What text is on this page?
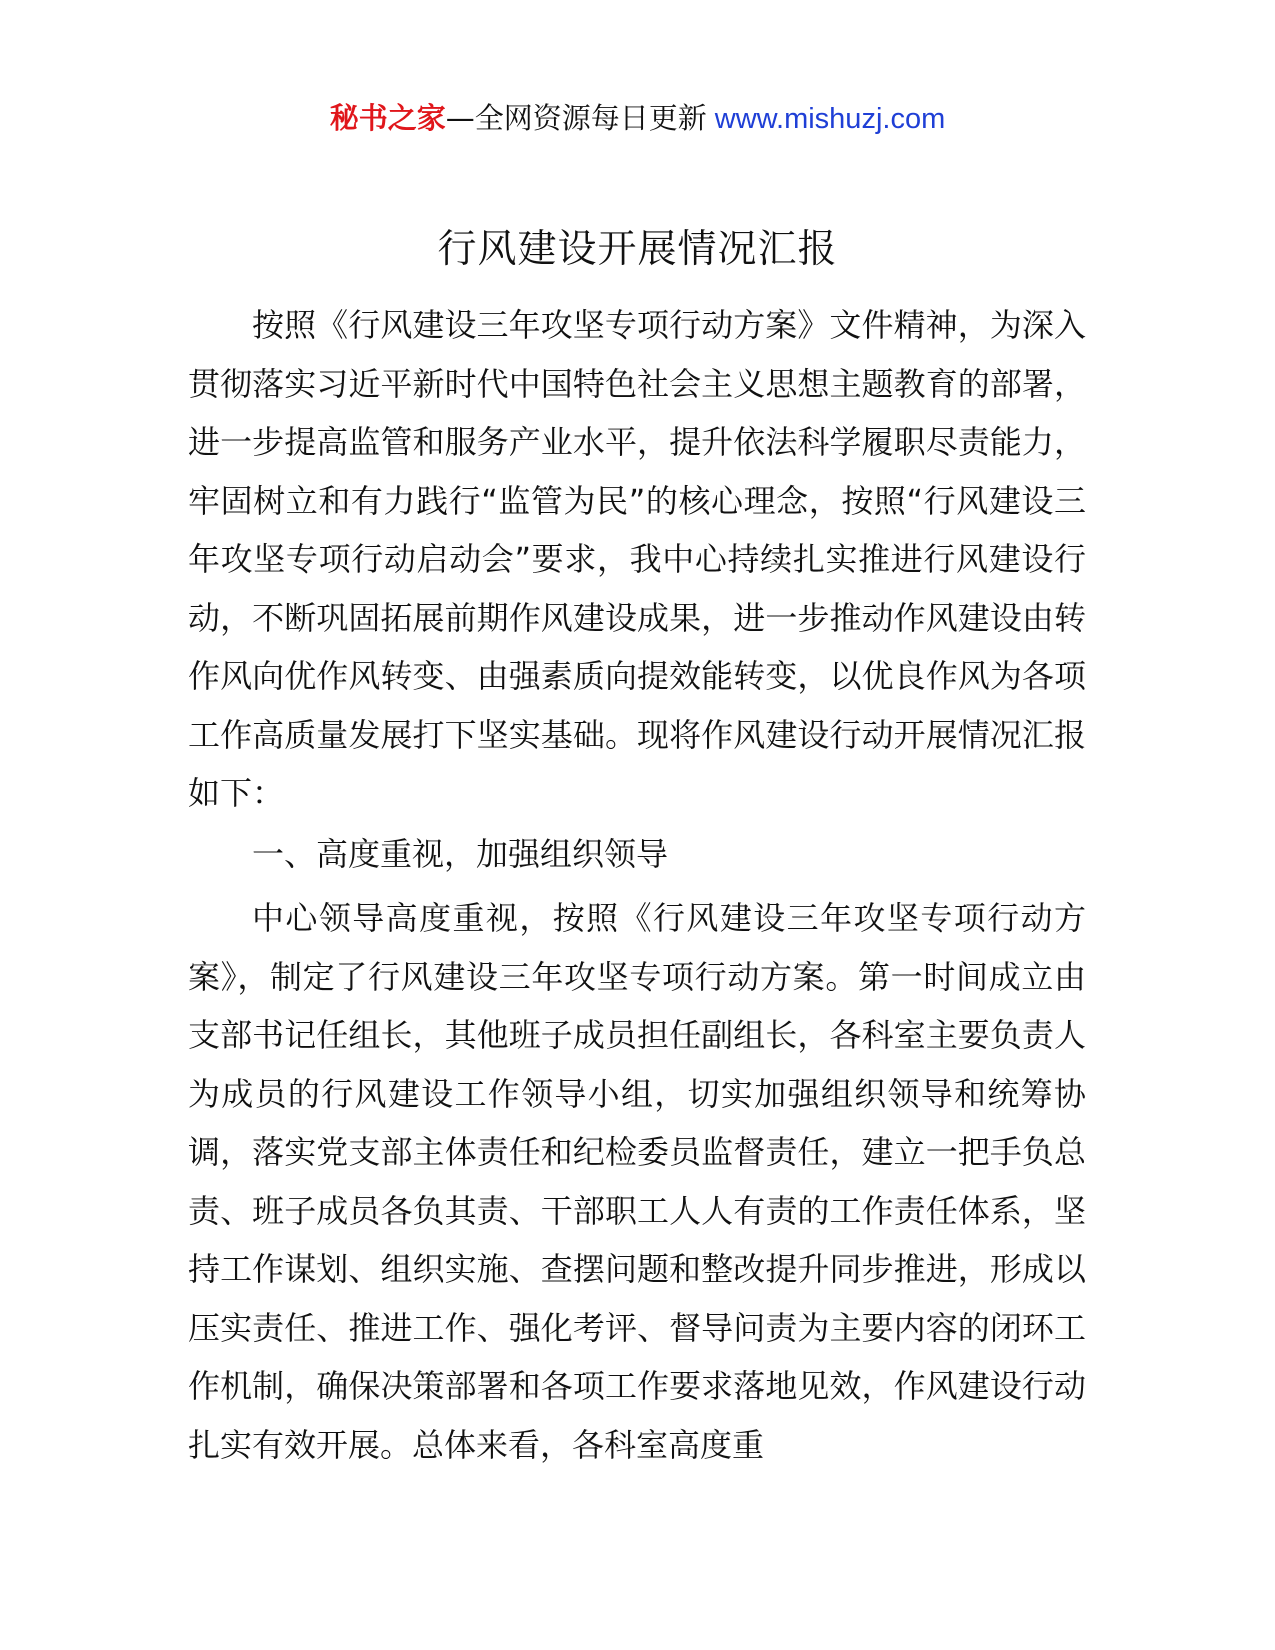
秘书之家—全网资源每日更新 www.mishuzj.com
行风建设开展情况汇报

按照《行风建设三年攻坚专项行动方案》文件精神，为深入贯彻落实习近平新时代中国特色社会主义思想主题教育的部署，进一步提高监管和服务产业水平，提升依法科学履职尽责能力，牢固树立和有力践行“监管为民”的核心理念，按照“行风建设三年攻坚专项行动启动会”要求，我中心持续扎实推进行风建设行动，不断巩固拓展前期作风建设成果，进一步推动作风建设由转作风向优作风转变、由强素质向提效能转变，以优良作风为各项工作高质量发展打下坚实基础。现将作风建设行动开展情况汇报如下：

一、高度重视，加强组织领导

中心领导高度重视，按照《行风建设三年攻坚专项行动方案》，制定了行风建设三年攻坚专项行动方案。第一时间成立由支部书记任组长，其他班子成员担任副组长，各科室主要负责人为成员的行风建设工作领导小组，切实加强组织领导和统筹协调，落实党支部主体责任和纪检委员监督责任，建立一把手负总责、班子成员各负其责、干部职工人人有责的工作责任体系，坚持工作谋划、组织实施、查摆问题和整改提升同步推进，形成以压实责任、推进工作、强化考评、督导问责为主要内容的闭环工作机制，确保决策部署和各项工作要求落地见效，作风建设行动扎实有效开展。总体来看，各科室高度重
